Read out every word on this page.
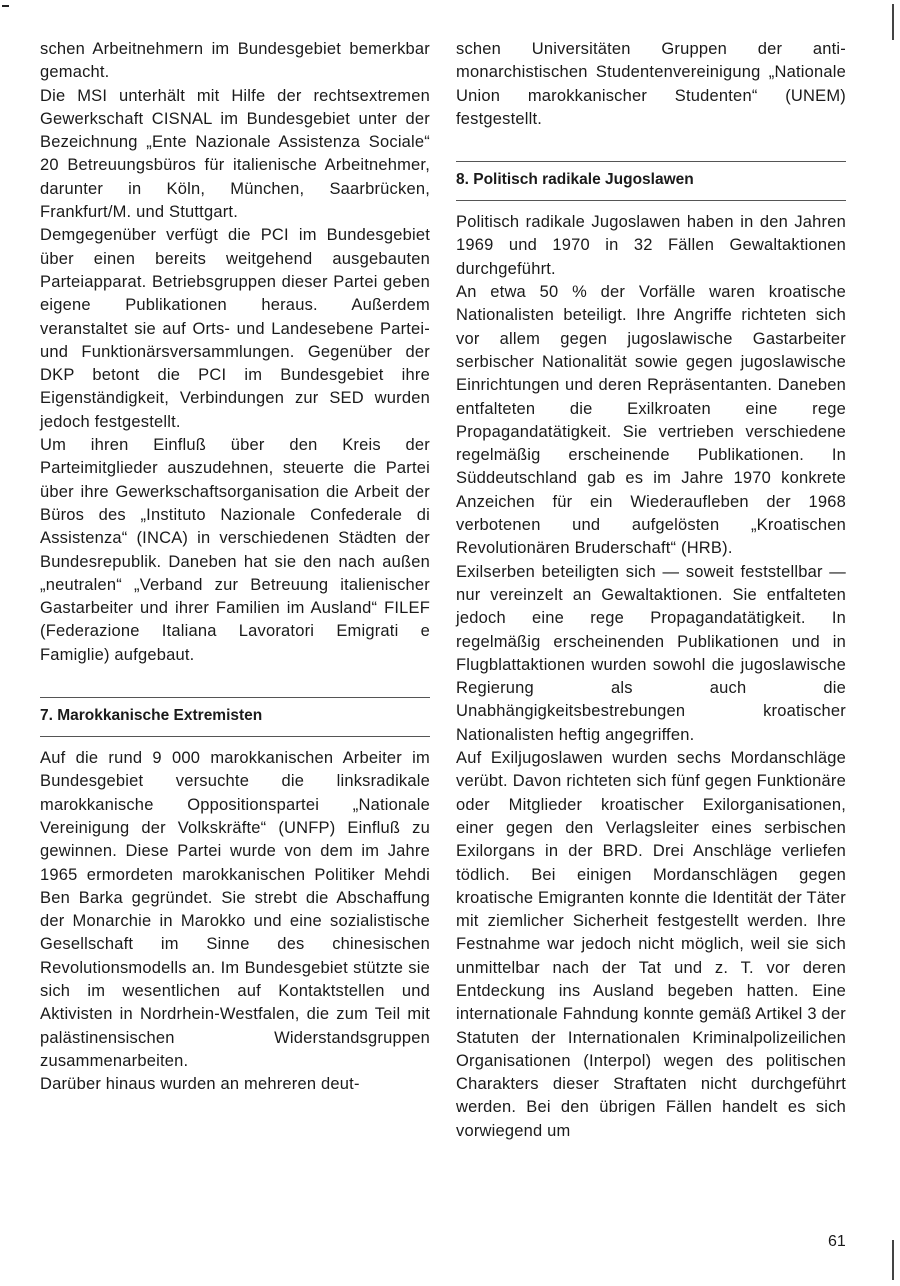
schen Arbeitnehmern im Bundesgebiet bemerkbar gemacht.

Die MSI unterhält mit Hilfe der rechtsextremen Gewerkschaft CISNAL im Bundesgebiet unter der Bezeichnung „Ente Nazionale Assistenza Sociale“ 20 Betreuungsbüros für italienische Arbeitnehmer, darunter in Köln, München, Saarbrücken, Frankfurt/M. und Stuttgart.

Demgegenüber verfügt die PCI im Bundesgebiet über einen bereits weitgehend ausgebauten Parteiapparat. Betriebsgruppen dieser Partei geben eigene Publikationen heraus. Außerdem veranstaltet sie auf Orts- und Landesebene Partei- und Funktionärsversammlungen. Gegenüber der DKP betont die PCI im Bundesgebiet ihre Eigenständigkeit, Verbindungen zur SED wurden jedoch festgestellt.

Um ihren Einfluß über den Kreis der Parteimitglieder auszudehnen, steuerte die Partei über ihre Gewerkschaftsorganisation die Arbeit der Büros des „Instituto Nazionale Confederale di Assistenza“ (INCA) in verschiedenen Städten der Bundesrepublik. Daneben hat sie den nach außen „neutralen“ „Verband zur Betreuung italienischer Gastarbeiter und ihrer Familien im Ausland“ FILEF (Federazione Italiana Lavoratori Emigrati e Famiglie) aufgebaut.

7. Marokkanische Extremisten

Auf die rund 9 000 marokkanischen Arbeiter im Bundesgebiet versuchte die linksradikale marokkanische Oppositionspartei „Nationale Vereinigung der Volkskräfte“ (UNFP) Einfluß zu gewinnen. Diese Partei wurde von dem im Jahre 1965 ermordeten marokkanischen Politiker Mehdi Ben Barka gegründet. Sie strebt die Abschaffung der Monarchie in Marokko und eine sozialistische Gesellschaft im Sinne des chinesischen Revolutionsmodells an. Im Bundesgebiet stützte sie sich im wesentlichen auf Kontaktstellen und Aktivisten in Nordrhein-Westfalen, die zum Teil mit palästinensischen Widerstandsgruppen zusammenarbeiten.

Darüber hinaus wurden an mehreren deut-

schen Universitäten Gruppen der anti-monarchistischen Studentenvereinigung „Nationale Union marokkanischer Studenten“ (UNEM) festgestellt.

8. Politisch radikale Jugoslawen

Politisch radikale Jugoslawen haben in den Jahren 1969 und 1970 in 32 Fällen Gewaltaktionen durchgeführt.

An etwa 50 % der Vorfälle waren kroatische Nationalisten beteiligt. Ihre Angriffe richteten sich vor allem gegen jugoslawische Gastarbeiter serbischer Nationalität sowie gegen jugoslawische Einrichtungen und deren Repräsentanten. Daneben entfalteten die Exilkroaten eine rege Propagandatätigkeit. Sie vertrieben verschiedene regelmäßig erscheinende Publikationen. In Süddeutschland gab es im Jahre 1970 konkrete Anzeichen für ein Wiederaufleben der 1968 verbotenen und aufgelösten „Kroatischen Revolutionären Bruderschaft“ (HRB).

Exilserben beteiligten sich — soweit feststellbar — nur vereinzelt an Gewaltaktionen. Sie entfalteten jedoch eine rege Propagandatätigkeit. In regelmäßig erscheinenden Publikationen und in Flugblattaktionen wurden sowohl die jugoslawische Regierung als auch die Unabhängigkeitsbestrebungen kroatischer Nationalisten heftig angegriffen.

Auf Exiljugoslawen wurden sechs Mordanschläge verübt. Davon richteten sich fünf gegen Funktionäre oder Mitglieder kroatischer Exilorganisationen, einer gegen den Verlagsleiter eines serbischen Exilorgans in der BRD. Drei Anschläge verliefen tödlich. Bei einigen Mordanschlägen gegen kroatische Emigranten konnte die Identität der Täter mit ziemlicher Sicherheit festgestellt werden. Ihre Festnahme war jedoch nicht möglich, weil sie sich unmittelbar nach der Tat und z. T. vor deren Entdeckung ins Ausland begeben hatten. Eine internationale Fahndung konnte gemäß Artikel 3 der Statuten der Internationalen Kriminalpolizeilichen Organisationen (Interpol) wegen des politischen Charakters dieser Straftaten nicht durchgeführt werden. Bei den übrigen Fällen handelt es sich vorwiegend um

61
